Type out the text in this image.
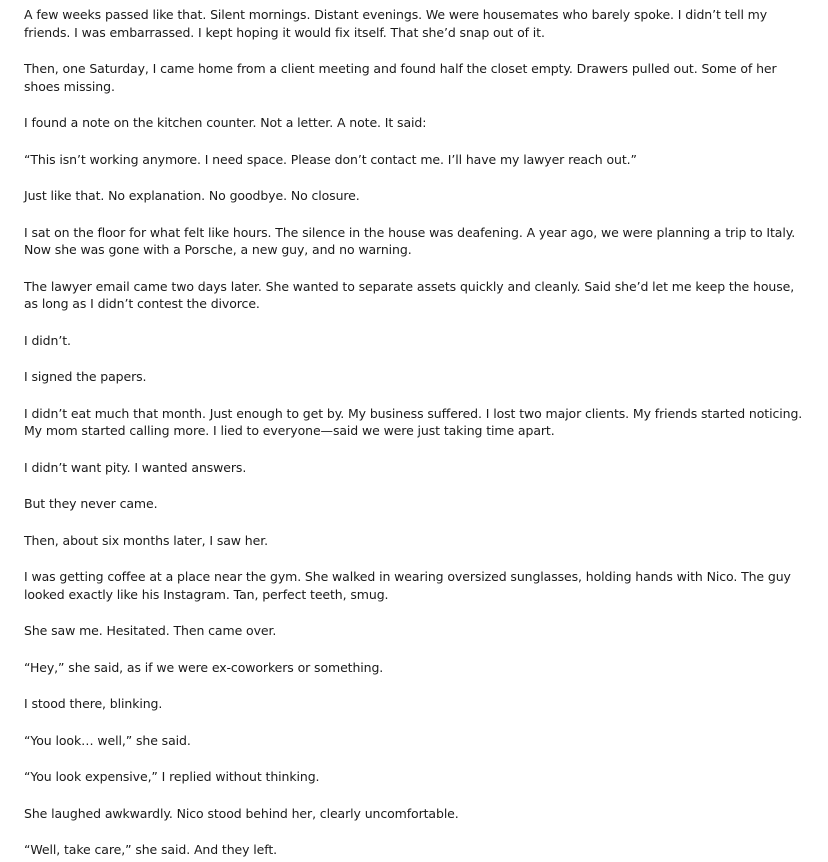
A few weeks passed like that. Silent mornings. Distant evenings. We were housemates who barely spoke. I didn’t tell my friends. I was embarrassed. I kept hoping it would fix itself. That she’d snap out of it.

Then, one Saturday, I came home from a client meeting and found half the closet empty. Drawers pulled out. Some of her shoes missing.

I found a note on the kitchen counter. Not a letter. A note. It said:

“This isn’t working anymore. I need space. Please don’t contact me. I’ll have my lawyer reach out.”

Just like that. No explanation. No goodbye. No closure.

I sat on the floor for what felt like hours. The silence in the house was deafening. A year ago, we were planning a trip to Italy. Now she was gone with a Porsche, a new guy, and no warning.

The lawyer email came two days later. She wanted to separate assets quickly and cleanly. Said she’d let me keep the house, as long as I didn’t contest the divorce.

I didn’t.

I signed the papers.

I didn’t eat much that month. Just enough to get by. My business suffered. I lost two major clients. My friends started noticing. My mom started calling more. I lied to everyone—said we were just taking time apart.

I didn’t want pity. I wanted answers.

But they never came.

Then, about six months later, I saw her.

I was getting coffee at a place near the gym. She walked in wearing oversized sunglasses, holding hands with Nico. The guy looked exactly like his Instagram. Tan, perfect teeth, smug.

She saw me. Hesitated. Then came over.

“Hey,” she said, as if we were ex-coworkers or something.

I stood there, blinking.

“You look… well,” she said.

“You look expensive,” I replied without thinking.

She laughed awkwardly. Nico stood behind her, clearly uncomfortable.

“Well, take care,” she said. And they left.
